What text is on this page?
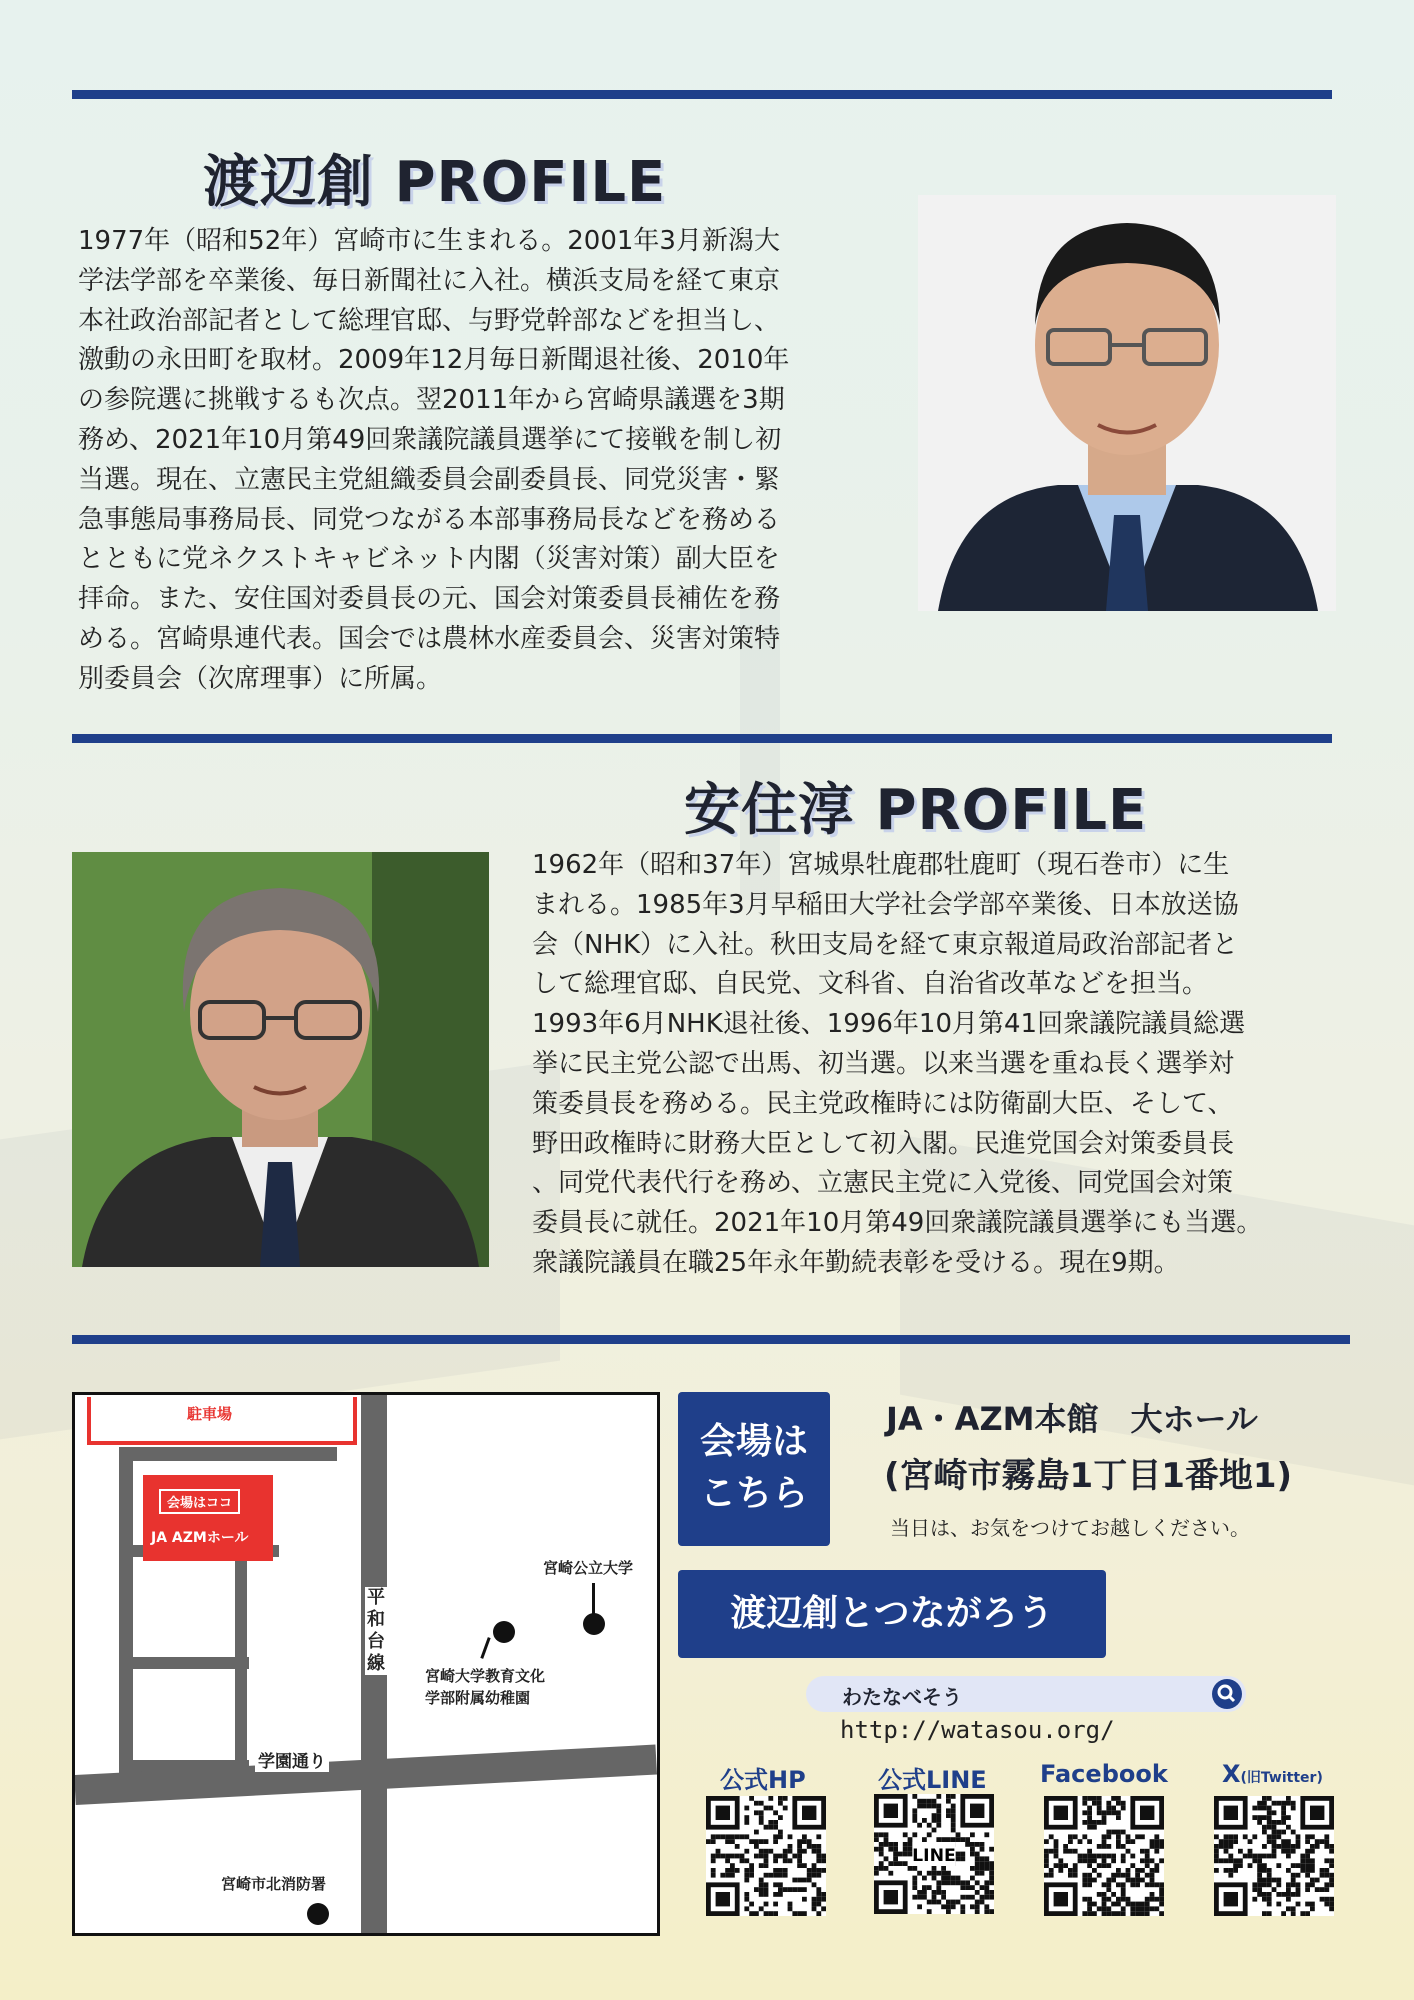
渡辺創 PROFILE
1977年（昭和52年）宮崎市に生まれる。2001年3月新潟大
学法学部を卒業後、毎日新聞社に入社。横浜支局を経て東京
本社政治部記者として総理官邸、与野党幹部などを担当し、
激動の永田町を取材。2009年12月毎日新聞退社後、2010年
の参院選に挑戦するも次点。翌2011年から宮崎県議選を3期
務め、2021年10月第49回衆議院議員選挙にて接戦を制し初
当選。現在、立憲民主党組織委員会副委員長、同党災害・緊
急事態局事務局長、同党つながる本部事務局長などを務める
とともに党ネクストキャビネット内閣（災害対策）副大臣を
拝命。また、安住国対委員長の元、国会対策委員長補佐を務
める。宮崎県連代表。国会では農林水産委員会、災害対策特
別委員会（次席理事）に所属。
安住淳 PROFILE
1962年（昭和37年）宮城県牡鹿郡牡鹿町（現石巻市）に生
まれる。1985年3月早稲田大学社会学部卒業後、日本放送協
会（NHK）に入社。秋田支局を経て東京報道局政治部記者と
して総理官邸、自民党、文科省、自治省改革などを担当。
1993年6月NHK退社後、1996年10月第41回衆議院議員総選
挙に民主党公認で出馬、初当選。以来当選を重ね長く選挙対
策委員長を務める。民主党政権時には防衛副大臣、そして、
野田政権時に財務大臣として初入閣。民進党国会対策委員長
、同党代表代行を務め、立憲民主党に入党後、同党国会対策
委員長に就任。2021年10月第49回衆議院議員選挙にも当選。
衆議院議員在職25年永年勤続表彰を受ける。現在9期。
駐車場
会場はココ
JA AZMホール
平
和
台
線
学園通り
宮崎公立大学
宮崎大学教育文化
学部附属幼稚園
宮崎市北消防署
会場は
こちら
JA・AZM本館　大ホール
(宮崎市霧島1丁目1番地1)
当日は、お気をつけてお越しください。
渡辺創とつながろう
わたなべそう
http://watasou.org/
公式HP	公式LINE Facebook X(旧Twitter)
LINE
